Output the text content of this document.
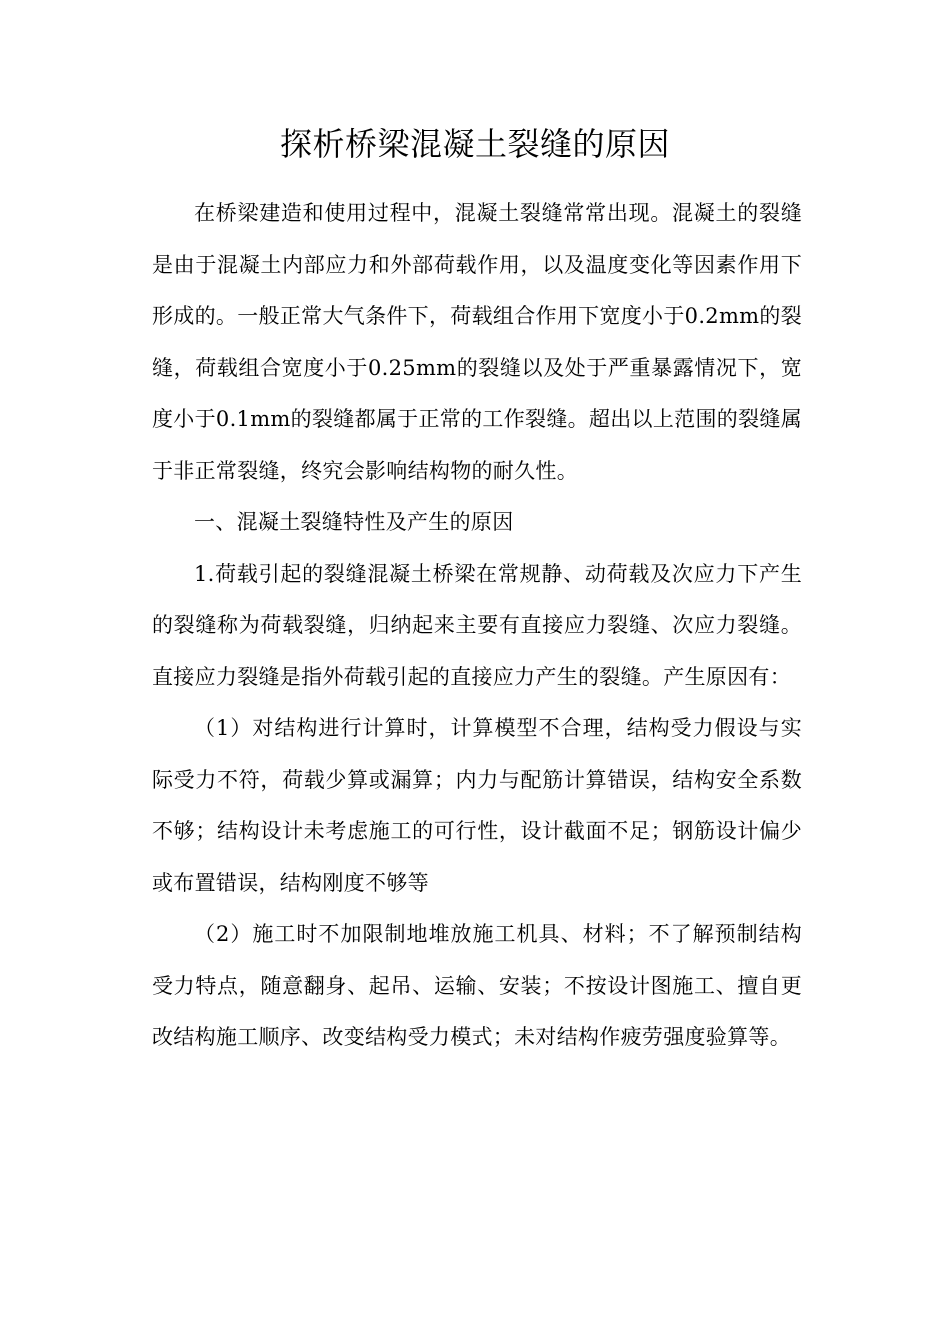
探析桥梁混凝土裂缝的原因

在桥梁建造和使用过程中，混凝土裂缝常常出现。混凝土的裂缝是由于混凝土内部应力和外部荷载作用，以及温度变化等因素作用下形成的。一般正常大气条件下，荷载组合作用下宽度小于0.2mm的裂缝，荷载组合宽度小于0.25mm的裂缝以及处于严重暴露情况下，宽度小于0.1mm的裂缝都属于正常的工作裂缝。超出以上范围的裂缝属于非正常裂缝，终究会影响结构物的耐久性。

一、混凝土裂缝特性及产生的原因

1.荷载引起的裂缝混凝土桥梁在常规静、动荷载及次应力下产生的裂缝称为荷载裂缝，归纳起来主要有直接应力裂缝、次应力裂缝。直接应力裂缝是指外荷载引起的直接应力产生的裂缝。产生原因有：

（1）对结构进行计算时，计算模型不合理，结构受力假设与实际受力不符，荷载少算或漏算；内力与配筋计算错误，结构安全系数不够；结构设计未考虑施工的可行性，设计截面不足；钢筋设计偏少或布置错误，结构刚度不够等

（2）施工时不加限制地堆放施工机具、材料；不了解预制结构受力特点，随意翻身、起吊、运输、安装；不按设计图施工、擅自更改结构施工顺序、改变结构受力模式；未对结构作疲劳强度验算等。
